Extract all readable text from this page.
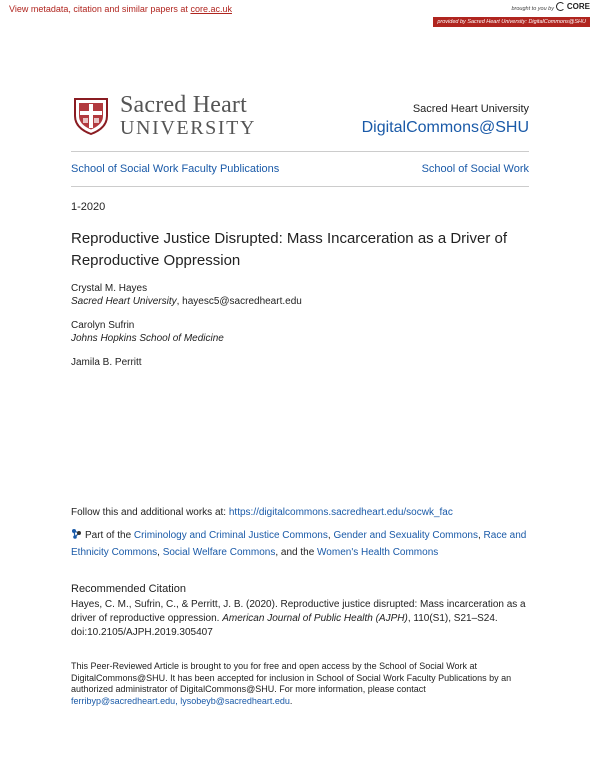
View metadata, citation and similar papers at core.ac.uk	brought to you by CORE
provided by Sacred Heart University: DigitalCommons@SHU
Sacred Heart
UNIVERSITY
Sacred Heart University
DigitalCommons@SHU
School of Social Work Faculty Publications	School of Social Work
1-2020
Reproductive Justice Disrupted: Mass Incarceration as a Driver of Reproductive Oppression
Crystal M. Hayes
Sacred Heart University, hayesc5@sacredheart.edu
Carolyn Sufrin
Johns Hopkins School of Medicine
Jamila B. Perritt
Follow this and additional works at: https://digitalcommons.sacredheart.edu/socwk_fac
Part of the Criminology and Criminal Justice Commons, Gender and Sexuality Commons, Race and Ethnicity Commons, Social Welfare Commons, and the Women's Health Commons
Recommended Citation
Hayes, C. M., Sufrin, C., & Perritt, J. B. (2020). Reproductive justice disrupted: Mass incarceration as a driver of reproductive oppression. American Journal of Public Health (AJPH), 110(S1), S21–S24. doi:10.2105/AJPH.2019.305407
This Peer-Reviewed Article is brought to you for free and open access by the School of Social Work at DigitalCommons@SHU. It has been accepted for inclusion in School of Social Work Faculty Publications by an authorized administrator of DigitalCommons@SHU. For more information, please contact ferribyp@sacredheart.edu, lysobeyb@sacredheart.edu.
